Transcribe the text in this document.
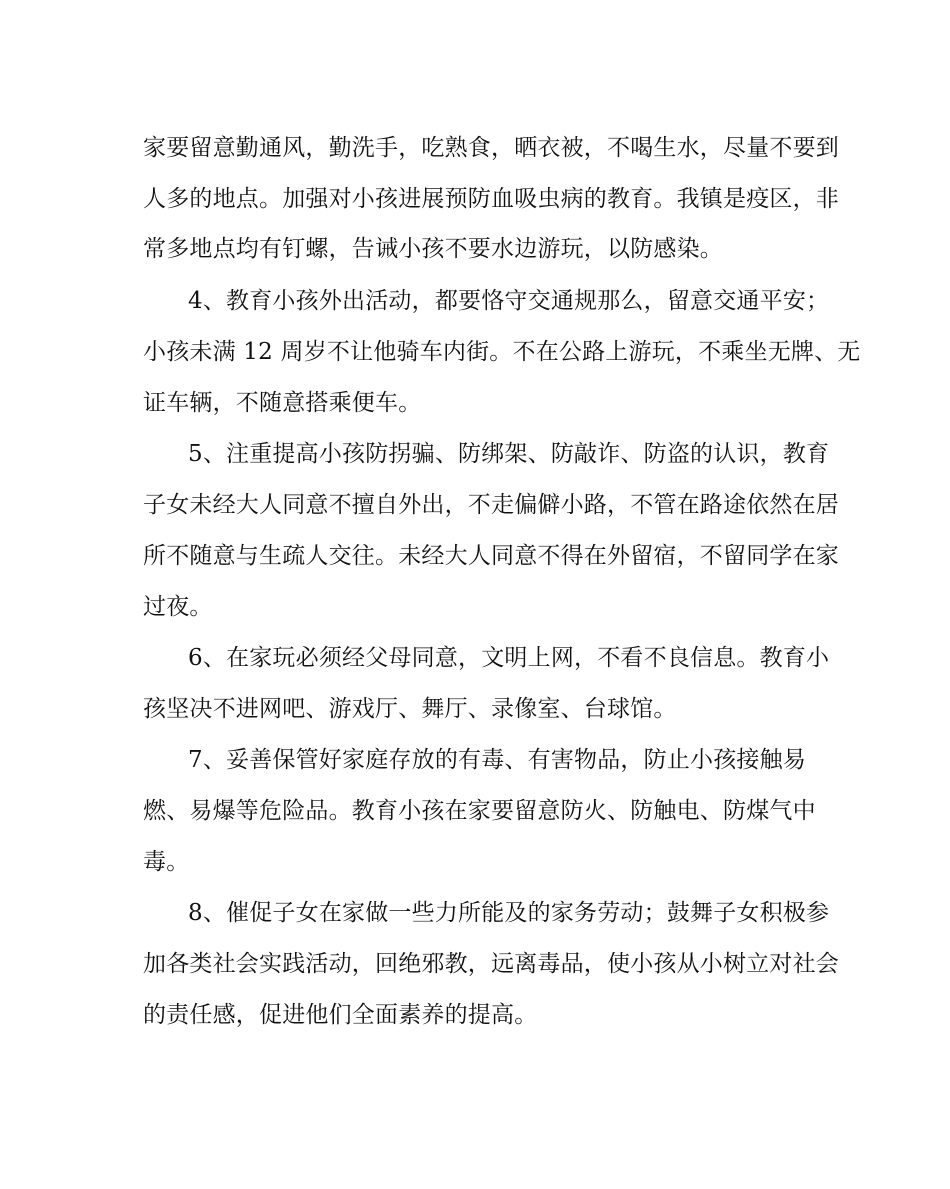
家要留意勤通风，勤洗手，吃熟食，晒衣被，不喝生水，尽量不要到
人多的地点。加强对小孩进展预防血吸虫病的教育。我镇是疫区，非
常多地点均有钉螺，告诫小孩不要水边游玩，以防感染。
4、教育小孩外出活动，都要恪守交通规那么，留意交通平安；
小孩未满 12 周岁不让他骑车内街。不在公路上游玩，不乘坐无牌、无
证车辆，不随意搭乘便车。
5、注重提高小孩防拐骗、防绑架、防敲诈、防盗的认识，教育
子女未经大人同意不擅自外出，不走偏僻小路，不管在路途依然在居
所不随意与生疏人交往。未经大人同意不得在外留宿，不留同学在家
过夜。
6、在家玩必须经父母同意，文明上网，不看不良信息。教育小
孩坚决不进网吧、游戏厅、舞厅、录像室、台球馆。
7、妥善保管好家庭存放的有毒、有害物品，防止小孩接触易
燃、易爆等危险品。教育小孩在家要留意防火、防触电、防煤气中
毒。
8、催促子女在家做一些力所能及的家务劳动；鼓舞子女积极参
加各类社会实践活动，回绝邪教，远离毒品，使小孩从小树立对社会
的责任感，促进他们全面素养的提高。
